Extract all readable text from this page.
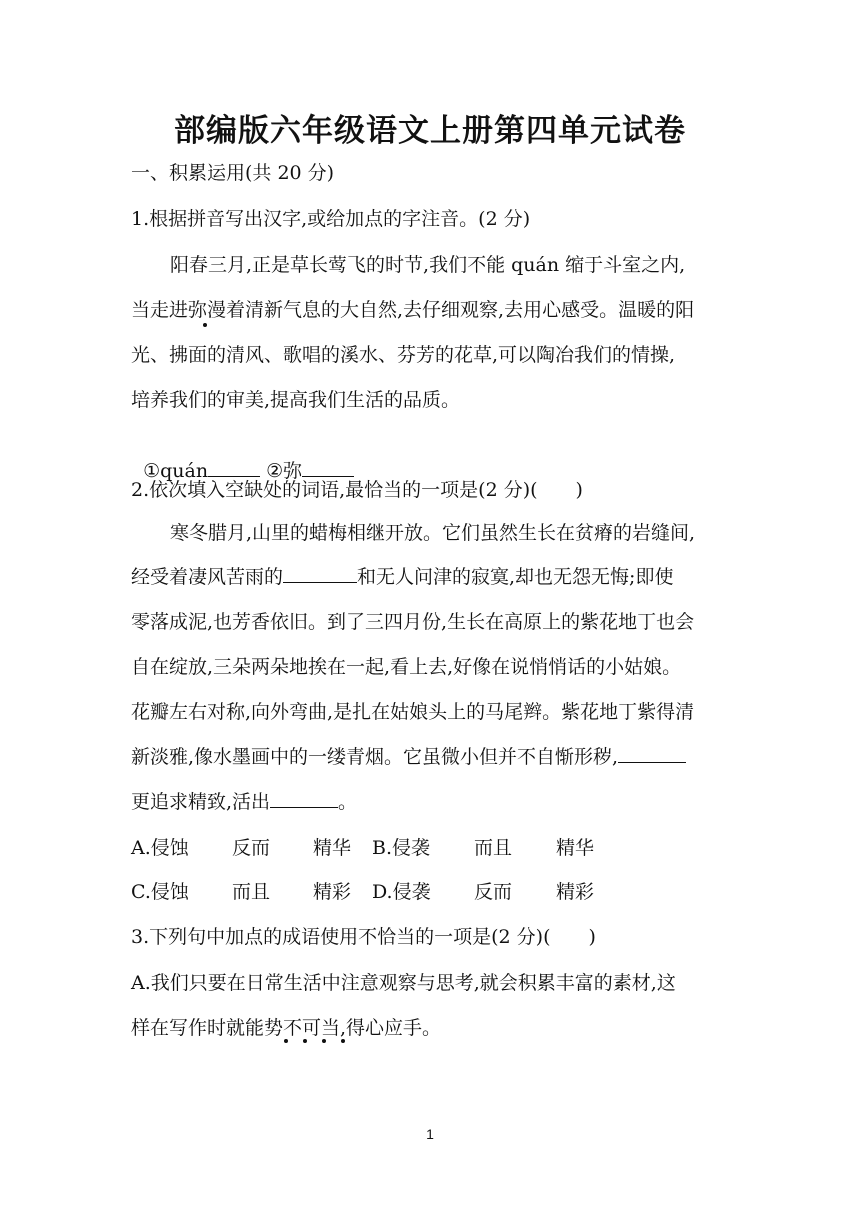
部编版六年级语文上册第四单元试卷
一、积累运用(共 20 分)
1.根据拼音写出汉字,或给加点的字注音。(2 分)
阳春三月,正是草长莺飞的时节,我们不能 quán 缩于斗室之内,
当走进弥漫着清新气息的大自然,去仔细观察,去用心感受。温暖的阳
光、拂面的清风、歌唱的溪水、芬芳的花草,可以陶冶我们的情操,
培养我们的审美,提高我们生活的品质。

①quán	②弥

2.依次填入空缺处的词语,最恰当的一项是(2 分)(　　)
寒冬腊月,山里的蜡梅相继开放。它们虽然生长在贫瘠的岩缝间,
经受着凄风苦雨的	和无人问津的寂寞,却也无怨无悔;即使
零落成泥,也芳香依旧。到了三四月份,生长在高原上的紫花地丁也会
自在绽放,三朵两朵地挨在一起,看上去,好像在说悄悄话的小姑娘。
花瓣左右对称,向外弯曲,是扎在姑娘头上的马尾辫。紫花地丁紫得清
新淡雅,像水墨画中的一缕青烟。它虽微小但并不自惭形秽,
更追求精致,活出	。
A.侵蚀 反而 精华 B.侵袭 而且 精华
C.侵蚀 而且 精彩 D.侵袭 反而 精彩
3.下列句中加点的成语使用不恰当的一项是(2 分)(　　)
A.我们只要在日常生活中注意观察与思考,就会积累丰富的素材,这
样在写作时就能势不可当,得心应手。
1
